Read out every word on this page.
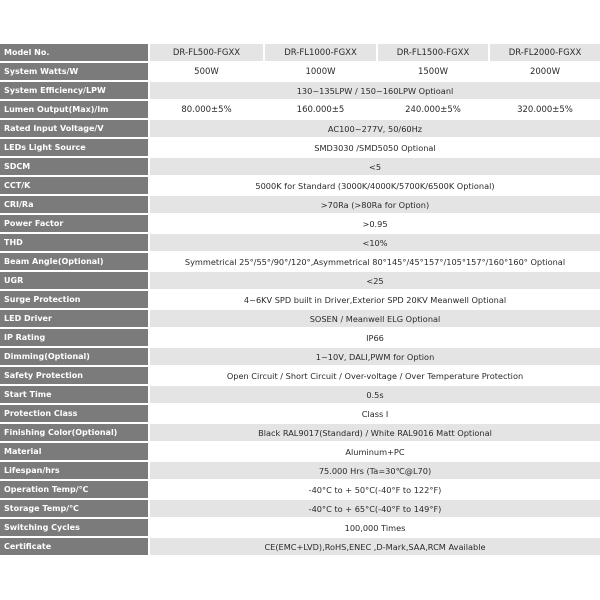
Model No.	DR-FL500-FGXX	DR-FL1000-FGXX	DR-FL1500-FGXX	DR-FL2000-FGXX
System Watts/W	500W	1000W	1500W	2000W
System Efficiency/LPW	130~135LPW / 150~160LPW Optioanl			
Lumen Output(Max)/lm	80.000±5%	160.000±5	240.000±5%	320.000±5%
Rated Input Voltage/V	AC100~277V, 50/60Hz			
LEDs Light Source	SMD3030 /SMD5050 Optional			
SDCM	<5			
CCT/K	5000K for Standard (3000K/4000K/5700K/6500K Optional)			
CRI/Ra	>70Ra (>80Ra for Option)			
Power Factor	>0.95			
THD	<10%			
Beam Angle(Optional)	Symmetrical 25°/55°/90°/120°,Asymmetrical 80°145°/45°157°/105°157°/160°160° Optional			
UGR	<25			
Surge Protection	4~6KV SPD built in Driver,Exterior SPD 20KV Meanwell Optional			
LED Driver	SOSEN / Meanwell ELG Optional			
IP Rating	IP66			
Dimming(Optional)	1~10V, DALI,PWM for Option			
Safety Protection	Open Circuit / Short Circuit / Over-voltage / Over Temperature Protection			
Start Time	0.5s			
Protection Class	Class Ⅰ			
Finishing Color(Optional)	Black RAL9017(Standard) / White RAL9016 Matt Optional			
Material	Aluminum+PC			
Lifespan/hrs	75.000 Hrs (Ta=30℃@L70)			
Operation Temp/℃	-40°C to + 50°C(-40°F to 122°F)			
Storage Temp/℃	-40°C to + 65°C(-40°F to 149°F)			
Switching Cycles	100,000 Times			
Certificate	CE(EMC+LVD),RoHS,ENEC ,D-Mark,SAA,RCM Available			
